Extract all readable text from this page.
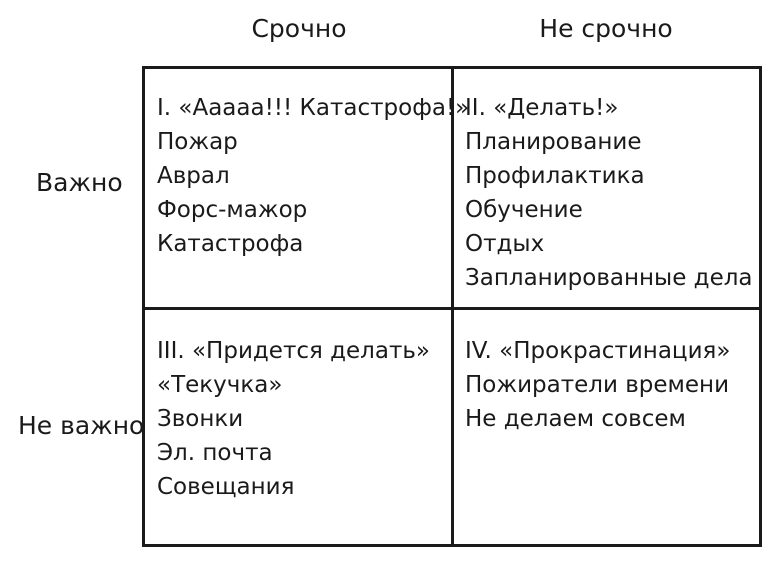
Срочно	Не срочно
Важно
Не важно
I. «Ааааа!!! Катастрофа!»
Пожар
Аврал
Форс-мажор
Катастрофа
II. «Делать!»
Планирование
Профилактика
Обучение
Отдых
Запланированные дела
III. «Придется делать»
«Текучка»
Звонки
Эл. почта
Совещания
IV. «Прокрастинация»
Пожиратели времени
Не делаем совсем
